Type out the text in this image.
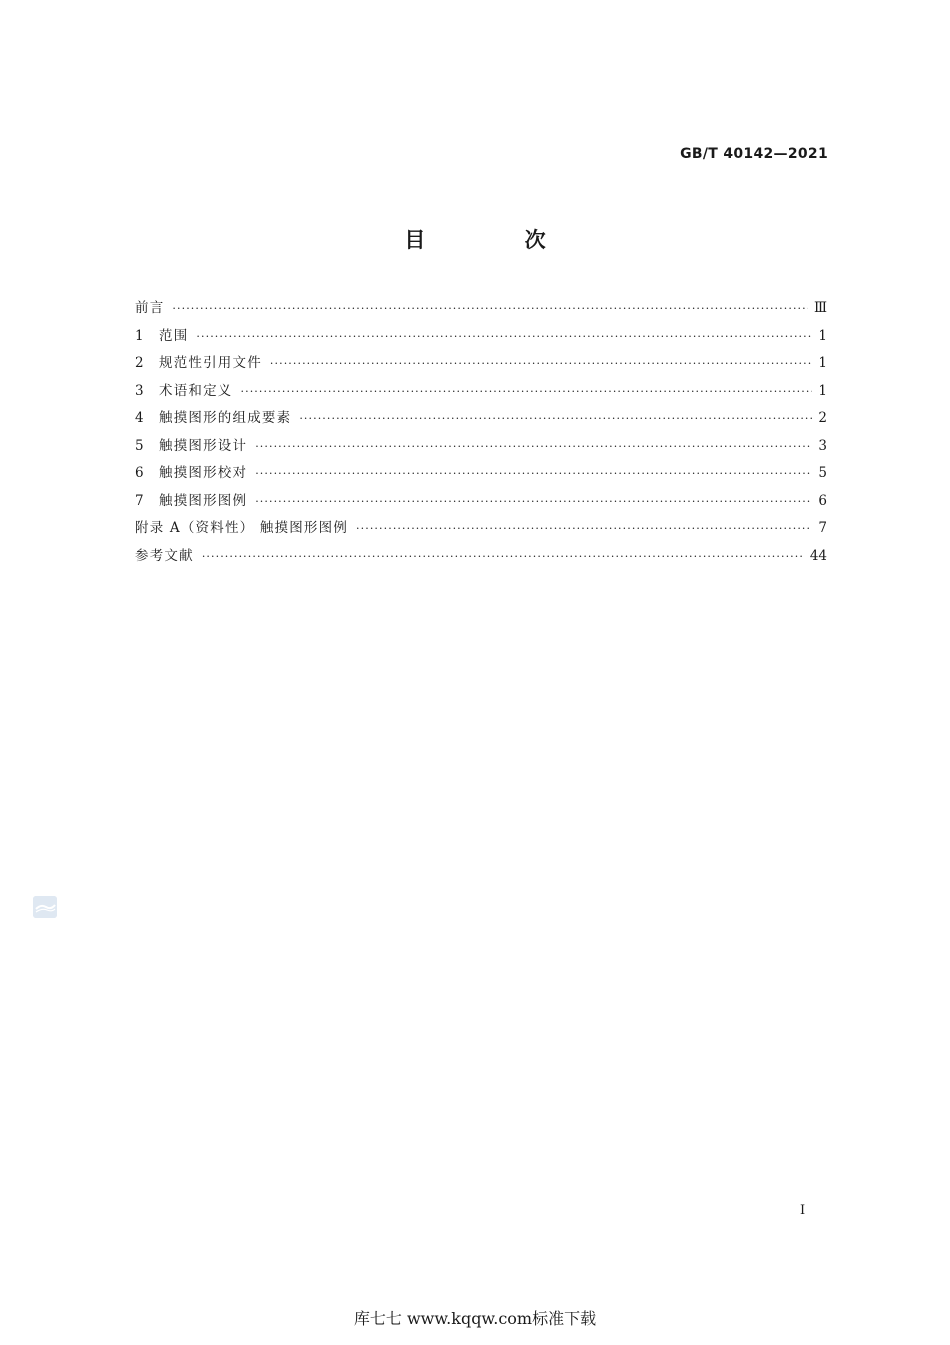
GB/T 40142—2021
目 次
前言 ·····	Ⅲ
1	范围 ·····	1
2	规范性引用文件 ·····	1
3	术语和定义 ·····	1
4	触摸图形的组成要素 ·····	2
5	触摸图形设计 ·····	3
6	触摸图形校对 ·····	5
7	触摸图形图例 ·····	6
附录 A（资料性） 触摸图形图例 ·····	7
参考文献 ·····	44
I
库七七 www.kqqw.com标准下载
